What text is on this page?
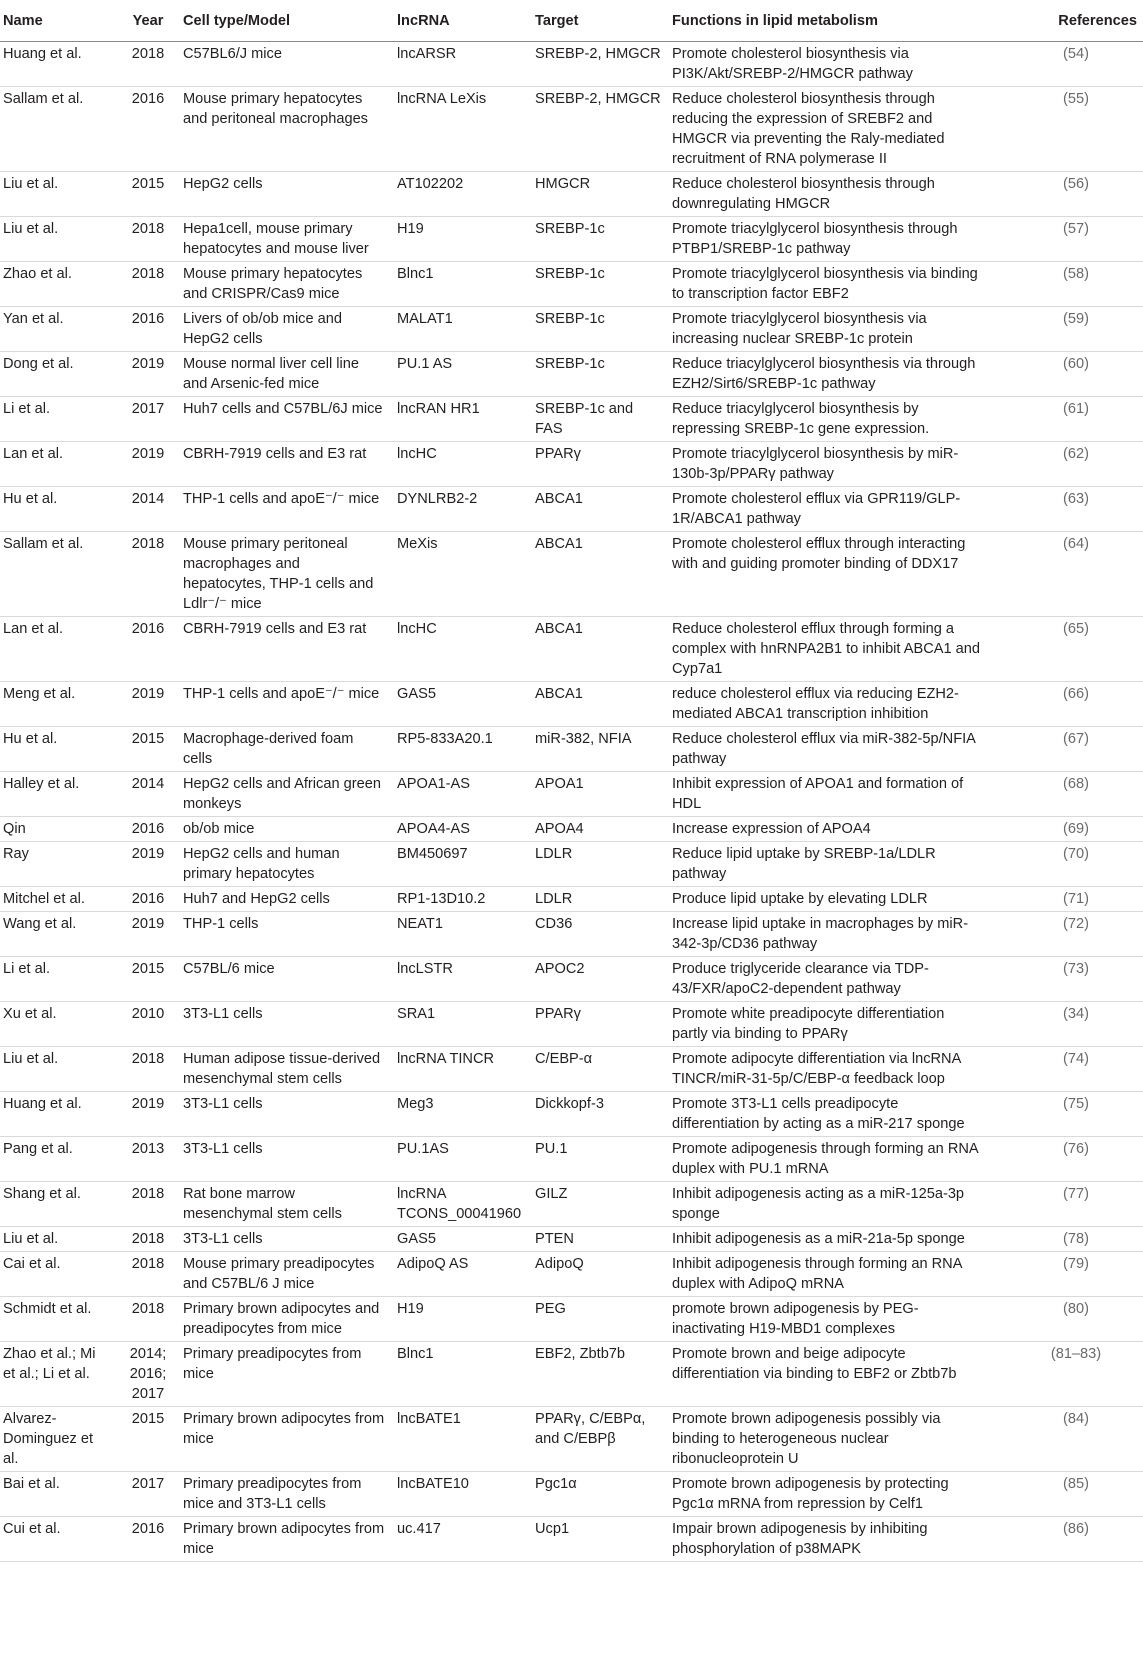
Name	Year	Cell type/Model	lncRNA	Target	Functions in lipid metabolism	References
Huang et al.	2018	C57BL6/J mice	lncARSR	SREBP-2, HMGCR	Promote cholesterol biosynthesis via PI3K/Akt/SREBP-2/HMGCR pathway	(54)
Sallam et al.	2016	Mouse primary hepatocytes and peritoneal macrophages	lncRNA LeXis	SREBP-2, HMGCR	Reduce cholesterol biosynthesis through reducing the expression of SREBF2 and HMGCR via preventing the Raly-mediated recruitment of RNA polymerase II	(55)
Liu et al.	2015	HepG2 cells	AT102202	HMGCR	Reduce cholesterol biosynthesis through downregulating HMGCR	(56)
Liu et al.	2018	Hepa1cell, mouse primary hepatocytes and mouse liver	H19	SREBP-1c	Promote triacylglycerol biosynthesis through PTBP1/SREBP-1c pathway	(57)
Zhao et al.	2018	Mouse primary hepatocytes and CRISPR/Cas9 mice	Blnc1	SREBP-1c	Promote triacylglycerol biosynthesis via binding to transcription factor EBF2	(58)
Yan et al.	2016	Livers of ob/ob mice and HepG2 cells	MALAT1	SREBP-1c	Promote triacylglycerol biosynthesis via increasing nuclear SREBP-1c protein	(59)
Dong et al.	2019	Mouse normal liver cell line and Arsenic-fed mice	PU.1 AS	SREBP-1c	Reduce triacylglycerol biosynthesis via through EZH2/Sirt6/SREBP-1c pathway	(60)
Li et al.	2017	Huh7 cells and C57BL/6J mice	lncRAN HR1	SREBP-1c and FAS	Reduce triacylglycerol biosynthesis by repressing SREBP-1c gene expression.	(61)
Lan et al.	2019	CBRH-7919 cells and E3 rat	lncHC	PPARγ	Promote triacylglycerol biosynthesis by miR-130b-3p/PPARγ pathway	(62)
Hu et al.	2014	THP-1 cells and apoE⁻/⁻ mice	DYNLRB2-2	ABCA1	Promote cholesterol efflux via GPR119/GLP-1R/ABCA1 pathway	(63)
Sallam et al.	2018	Mouse primary peritoneal macrophages and hepatocytes, THP-1 cells and Ldlr⁻/⁻ mice	MeXis	ABCA1	Promote cholesterol efflux through interacting with and guiding promoter binding of DDX17	(64)
Lan et al.	2016	CBRH-7919 cells and E3 rat	lncHC	ABCA1	Reduce cholesterol efflux through forming a complex with hnRNPA2B1 to inhibit ABCA1 and Cyp7a1	(65)
Meng et al.	2019	THP-1 cells and apoE⁻/⁻ mice	GAS5	ABCA1	reduce cholesterol efflux via reducing EZH2-mediated ABCA1 transcription inhibition	(66)
Hu et al.	2015	Macrophage-derived foam cells	RP5-833A20.1	miR-382, NFIA	Reduce cholesterol efflux via miR-382-5p/NFIA pathway	(67)
Halley et al.	2014	HepG2 cells and African green monkeys	APOA1-AS	APOA1	Inhibit expression of APOA1 and formation of HDL	(68)
Qin	2016	ob/ob mice	APOA4-AS	APOA4	Increase expression of APOA4	(69)
Ray	2019	HepG2 cells and human primary hepatocytes	BM450697	LDLR	Reduce lipid uptake by SREBP-1a/LDLR pathway	(70)
Mitchel et al.	2016	Huh7 and HepG2 cells	RP1-13D10.2	LDLR	Produce lipid uptake by elevating LDLR	(71)
Wang et al.	2019	THP-1 cells	NEAT1	CD36	Increase lipid uptake in macrophages by miR-342-3p/CD36 pathway	(72)
Li et al.	2015	C57BL/6 mice	lncLSTR	APOC2	Produce triglyceride clearance via TDP-43/FXR/apoC2-dependent pathway	(73)
Xu et al.	2010	3T3-L1 cells	SRA1	PPARγ	Promote white preadipocyte differentiation partly via binding to PPARγ	(34)
Liu et al.	2018	Human adipose tissue-derived mesenchymal stem cells	lncRNA TINCR	C/EBP-α	Promote adipocyte differentiation via lncRNA TINCR/miR-31-5p/C/EBP-α feedback loop	(74)
Huang et al.	2019	3T3-L1 cells	Meg3	Dickkopf-3	Promote 3T3-L1 cells preadipocyte differentiation by acting as a miR-217 sponge	(75)
Pang et al.	2013	3T3-L1 cells	PU.1AS	PU.1	Promote adipogenesis through forming an RNA duplex with PU.1 mRNA	(76)
Shang et al.	2018	Rat bone marrow mesenchymal stem cells	lncRNA TCONS_00041960	GILZ	Inhibit adipogenesis acting as a miR-125a-3p sponge	(77)
Liu et al.	2018	3T3-L1 cells	GAS5	PTEN	Inhibit adipogenesis as a miR-21a-5p sponge	(78)
Cai et al.	2018	Mouse primary preadipocytes and C57BL/6 J mice	AdipoQ AS	AdipoQ	Inhibit adipogenesis through forming an RNA duplex with AdipoQ mRNA	(79)
Schmidt et al.	2018	Primary brown adipocytes and preadipocytes from mice	H19	PEG	promote brown adipogenesis by PEG-inactivating H19-MBD1 complexes	(80)
Zhao et al.; Mi et al.; Li et al.	2014; 2016; 2017	Primary preadipocytes from mice	Blnc1	EBF2, Zbtb7b	Promote brown and beige adipocyte differentiation via binding to EBF2 or Zbtb7b	(81–83)
Alvarez-Dominguez et al.	2015	Primary brown adipocytes from mice	lncBATE1	PPARγ, C/EBPα, and C/EBPβ	Promote brown adipogenesis possibly via binding to heterogeneous nuclear ribonucleoprotein U	(84)
Bai et al.	2017	Primary preadipocytes from mice and 3T3-L1 cells	lncBATE10	Pgc1α	Promote brown adipogenesis by protecting Pgc1α mRNA from repression by Celf1	(85)
Cui et al.	2016	Primary brown adipocytes from mice	uc.417	Ucp1	Impair brown adipogenesis by inhibiting phosphorylation of p38MAPK	(86)
